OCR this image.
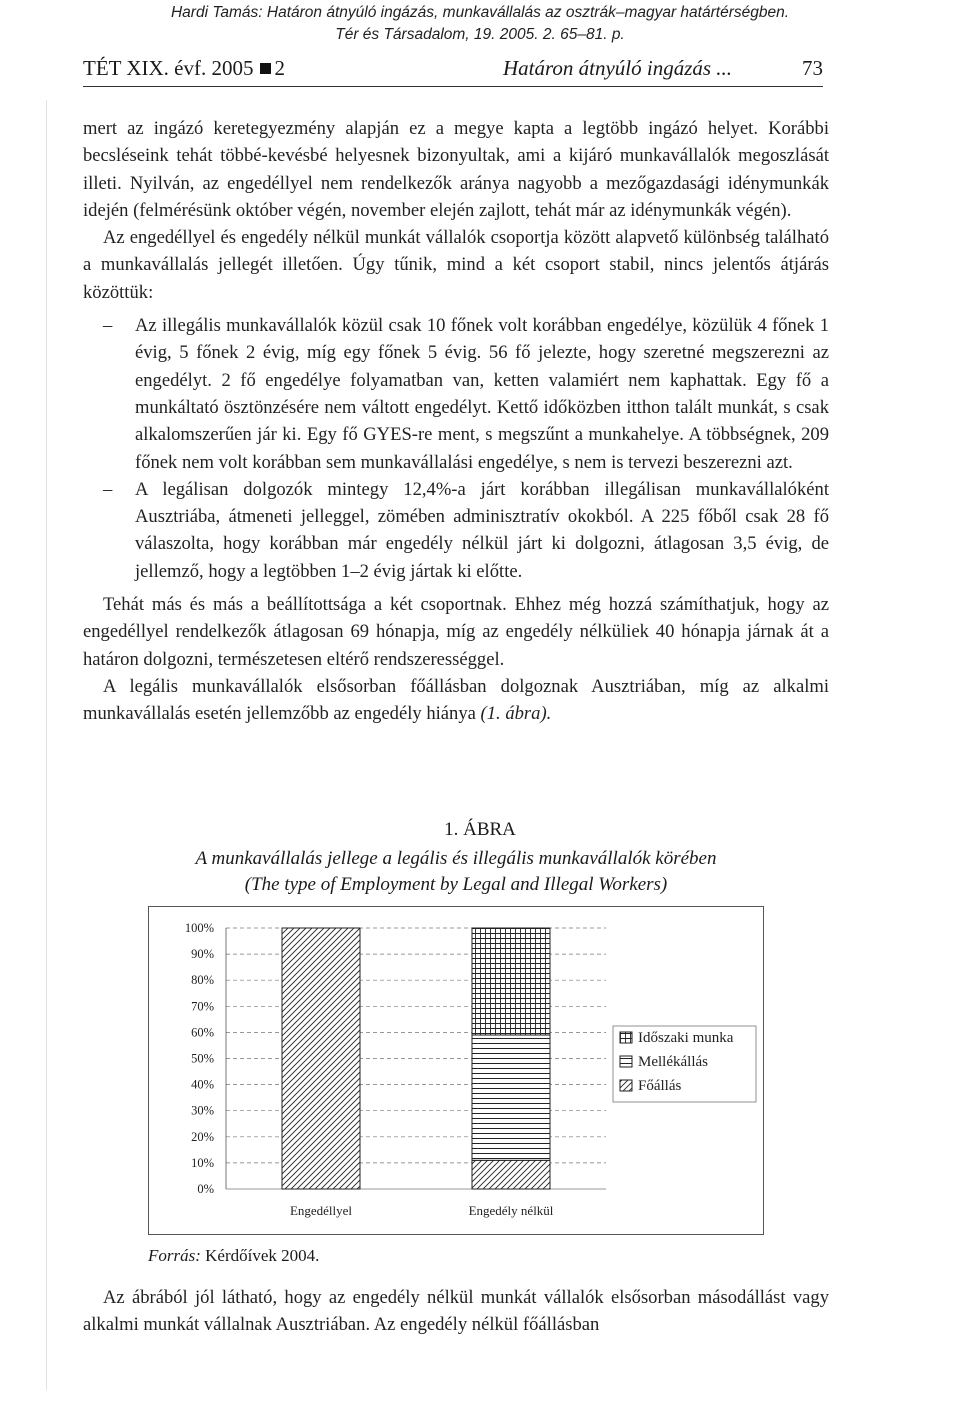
Hardi Tamás: Határon átnyúló ingázás, munkavállalás az osztrák–magyar határtérségben.
Tér és Társadalom, 19. 2005. 2. 65–81. p.
TÉT XIX. évf. 2005 2	Határon átnyúló ingázás ...	73

mert az ingázó keretegyezmény alapján ez a megye kapta a legtöbb ingázó helyet. Korábbi becsléseink tehát többé-kevésbé helyesnek bizonyultak, ami a kijáró munkavállalók megoszlását illeti. Nyilván, az engedéllyel nem rendelkezők aránya nagyobb a mezőgazdasági idénymunkák idején (felmérésünk október végén, november elején zajlott, tehát már az idénymunkák végén).

Az engedéllyel és engedély nélkül munkát vállalók csoportja között alapvető különbség található a munkavállalás jellegét illetően. Úgy tűnik, mind a két csoport stabil, nincs jelentős átjárás közöttük:

– Az illegális munkavállalók közül csak 10 főnek volt korábban engedélye, közülük 4 főnek 1 évig, 5 főnek 2 évig, míg egy főnek 5 évig. 56 fő jelezte, hogy szeretné megszerezni az engedélyt. 2 fő engedélye folyamatban van, ketten valamiért nem kaphattak. Egy fő a munkáltató ösztönzésére nem váltott engedélyt. Kettő időközben itthon talált munkát, s csak alkalomszerűen jár ki. Egy fő GYES-re ment, s megszűnt a munkahelye. A többségnek, 209 főnek nem volt korábban sem munkavállalási engedélye, s nem is tervezi beszerezni azt.
– A legálisan dolgozók mintegy 12,4%-a járt korábban illegálisan munkavállalóként Ausztriába, átmeneti jelleggel, zömében adminisztratív okokból. A 225 főből csak 28 fő válaszolta, hogy korábban már engedély nélkül járt ki dolgozni, átlagosan 3,5 évig, de jellemző, hogy a legtöbben 1–2 évig jártak ki előtte.

Tehát más és más a beállítottsága a két csoportnak. Ehhez még hozzá számíthatjuk, hogy az engedéllyel rendelkezők átlagosan 69 hónapja, míg az engedély nélküliek 40 hónapja járnak át a határon dolgozni, természetesen eltérő rendszerességgel.

A legális munkavállalók elsősorban főállásban dolgoznak Ausztriában, míg az alkalmi munkavállalás esetén jellemzőbb az engedély hiánya (1. ábra).

1. ÁBRA
A munkavállalás jellege a legális és illegális munkavállalók körében
(The type of Employment by Legal and Illegal Workers)
0%
10%
20%
30%
40%
50%
60%
70%
80%
90%
100%
Engedéllyel	Engedély nélkül
Időszaki munka
Mellékállás
Főállás
Forrás: Kérdőívek 2004.

Az ábrából jól látható, hogy az engedély nélkül munkát vállalók elsősorban másodállást vagy alkalmi munkát vállalnak Ausztriában. Az engedély nélkül főállásban
